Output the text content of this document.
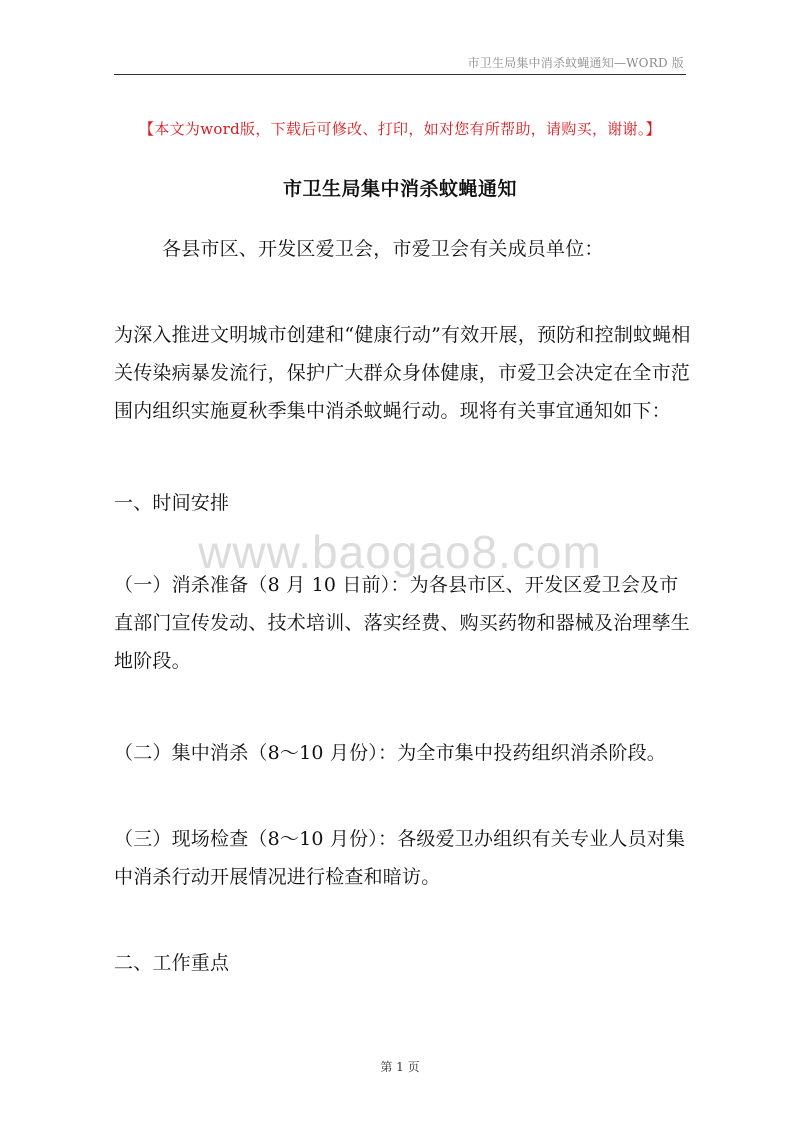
市卫生局集中消杀蚊蝇通知—WORD 版
【本文为word版，下载后可修改、打印，如对您有所帮助，请购买，谢谢。】
市卫生局集中消杀蚊蝇通知

各县市区、开发区爱卫会，市爱卫会有关成员单位：

为深入推进文明城市创建和“健康行动”有效开展，预防和控制蚊蝇相关传染病暴发流行，保护广大群众身体健康，市爱卫会决定在全市范围内组织实施夏秋季集中消杀蚊蝇行动。现将有关事宜通知如下：

一、时间安排

www.baogao8.com

（一）消杀准备（8 月 10 日前）：为各县市区、开发区爱卫会及市直部门宣传发动、技术培训、落实经费、购买药物和器械及治理孳生地阶段。

（二）集中消杀（8～10 月份）：为全市集中投药组织消杀阶段。

（三）现场检查（8～10 月份）：各级爱卫办组织有关专业人员对集中消杀行动开展情况进行检查和暗访。

二、工作重点

第 1 页
